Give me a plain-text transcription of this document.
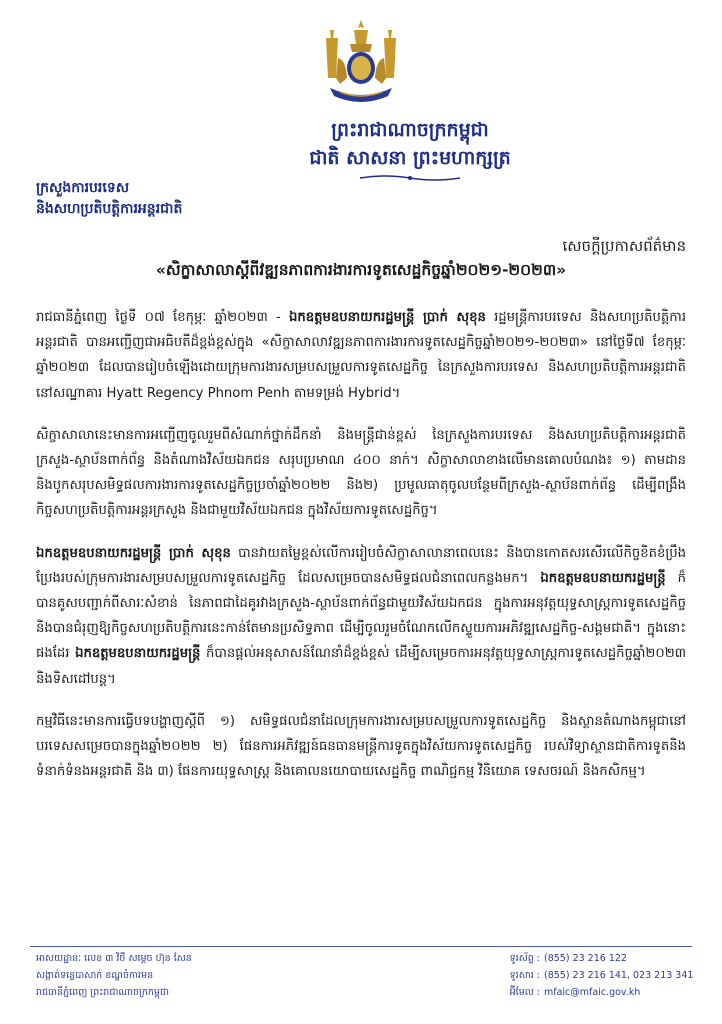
ព្រះរាជាណាចក្រកម្ពុជា
ជាតិ សាសនា ព្រះមហាក្សត្រ
ក្រសួងការបរទេស
និងសហប្រតិបត្តិការអន្តរជាតិ
សេចក្តីប្រកាសព័ត៌មាន
«សិក្ខាសាលាស្តីពីវឌ្ឍនភាពការងារការទូតសេដ្ឋកិច្ចឆ្នាំ២០២១-២០២៣»

រាជធានីភ្នំពេញ ថ្ងៃទី ០៧ ខែកុម្ភៈ ឆ្នាំ២០២៣ - ឯកឧត្តមឧបនាយករដ្ឋមន្ត្រី ប្រាក់ សុខុន រដ្ឋមន្ត្រីការបរទេស និងសហប្រតិបត្តិការអន្តរជាតិ បានអញ្ជើញជាអធិបតីដ៏ខ្ពង់ខ្ពស់ក្នុង «សិក្ខាសាលាវឌ្ឍនភាពការងារការទូតសេដ្ឋកិច្ចឆ្នាំ២០២១-២០២៣» នៅថ្ងៃទី៧ ខែកុម្ភៈ ឆ្នាំ២០២៣ ដែលបានរៀបចំឡើងដោយក្រុមការងារសម្របសម្រួលការទូតសេដ្ឋកិច្ច នៃក្រសួងការបរទេស និងសហប្រតិបត្តិការអន្តរជាតិ នៅសណ្ឋាគារ Hyatt Regency Phnom Penh តាមទម្រង់ Hybrid។

សិក្ខាសាលានេះមានការអញ្ជើញចូលរួមពីសំណាក់ថ្នាក់ដឹកនាំ និងមន្ត្រីជាន់ខ្ពស់ នៃក្រសួងការបរទេស និងសហប្រតិបត្តិការអន្តរជាតិ ក្រសួង-ស្ថាប័នពាក់ព័ន្ធ និងតំណាងវិស័យឯកជន សរុបប្រមាណ ៤០០ នាក់។ សិក្ខាសាលាខាងលើមានគោលបំណង៖ ១) តាមដាន និងបូកសរុបសមិទ្ធផលការងារការទូតសេដ្ឋកិច្ចប្រចាំឆ្នាំ២០២២ និង២) ប្រមូលធាតុចូលបន្ថែមពីក្រសួង-ស្ថាប័នពាក់ព័ន្ធ ដើម្បីពង្រឹងកិច្ចសហប្រតិបត្តិការអន្តរក្រសួង និងជាមួយវិស័យឯកជន ក្នុងវិស័យការទូតសេដ្ឋកិច្ច។

ឯកឧត្តមឧបនាយករដ្ឋមន្ត្រី ប្រាក់ សុខុន បានវាយតម្លៃខ្ពស់លើការរៀបចំសិក្ខាសាលានាពេលនេះ និងបានកោតសរសើរលើកិច្ចខិតខំប្រឹងប្រែងរបស់ក្រុមការងារសម្របសម្រួលការទូតសេដ្ឋកិច្ច ដែលសម្រេចបានសមិទ្ធផលជំនាពេលកន្លងមក។ ឯកឧត្តមឧបនាយករដ្ឋមន្ត្រី ក៏បានគូសបញ្ជាក់ពីសារៈសំខាន់ នៃភាពជាដៃគូរវាងក្រសួង-ស្ថាប័នពាក់ព័ន្ធជាមួយវិស័យឯកជន ក្នុងការអនុវត្តយុទ្ធសាស្ត្រការទូតសេដ្ឋកិច្ច និងបានជំរុញឱ្យកិច្ចសហប្រតិបត្តិការនេះកាន់តែមានប្រសិទ្ធភាព ដើម្បីចូលរួមចំណែកលើកស្ទួយការអភិវឌ្ឍសេដ្ឋកិច្ច-សង្គមជាតិ។ ក្នុងនោះផងដែរ ឯកឧត្តមឧបនាយករដ្ឋមន្ត្រី ក៏បានផ្តល់អនុសាសន៍ណែនាំដ៏ខ្ពង់ខ្ពស់ ដើម្បីសម្រេចការអនុវត្តយុទ្ធសាស្ត្រការទូតសេដ្ឋកិច្ចឆ្នាំ២០២៣ និងទិសដៅបន្ត។

កម្មវិធីនេះមានការធ្វើបទបង្ហាញស្តីពី ១) សមិទ្ធផលជំនាដែលក្រុមការងារសម្របសម្រួលការទូតសេដ្ឋកិច្ច និងស្ថានតំណាងកម្ពុជានៅបរទេសសម្រេចបានក្នុងឆ្នាំ២០២២ ២) ផែនការអភិវឌ្ឍន៍ធនធានមន្ត្រីការទូតក្នុងវិស័យការទូតសេដ្ឋកិច្ច របស់វិទ្យាស្ថានជាតិការទូតនិងទំនាក់ទំនងអន្តរជាតិ និង ៣) ផែនការយុទ្ធសាស្ត្រ និងគោលនយោបាយសេដ្ឋកិច្ច ពាណិជ្ជកម្ម វិនិយោគ ទេសចរណ៍ និងកសិកម្ម។

អាសយដ្ឋានៈ លេខ ៣ វិថី សម្តេច ហ៊ុន សែន
សង្កាត់ទន្លេបាសាក់ ខណ្ឌចំការមន
រាជធានីភ្នំពេញ ព្រះរាជាណាចក្រកម្ពុជា
ទូរស័ព្ទ : (855) 23 216 122
ទូរសារ : (855) 23 216 141, 023 213 341
អ៊ីមែល : mfaic@mfaic.gov.kh
